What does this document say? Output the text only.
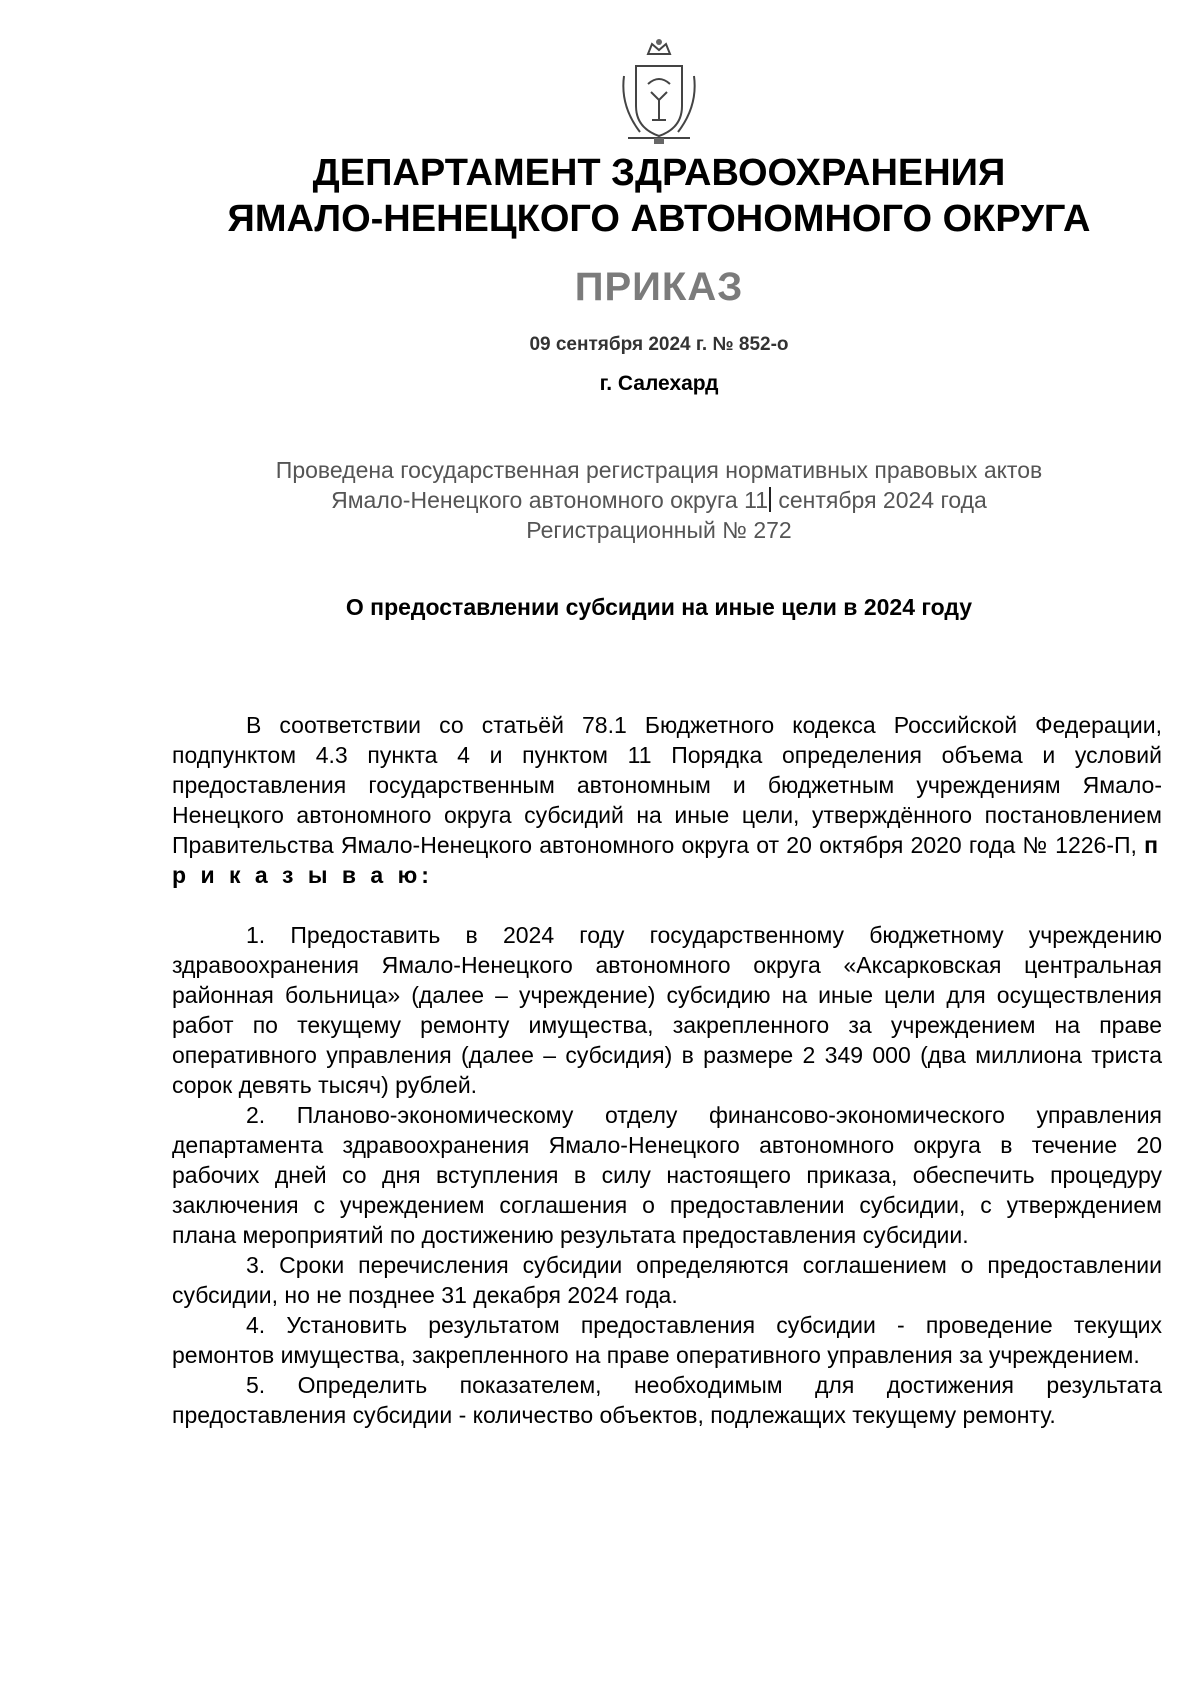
ДЕПАРТАМЕНТ ЗДРАВООХРАНЕНИЯ
ЯМАЛО-НЕНЕЦКОГО АВТОНОМНОГО ОКРУГА
ПРИКАЗ
09 сентября 2024 г. № 852-о
г. Салехард
Проведена государственная регистрация нормативных правовых актов
Ямало-Ненецкого автономного округа 11 сентября 2024 года
Регистрационный № 272
О предоставлении субсидии на иные цели в 2024 году

В соответствии со статьёй 78.1 Бюджетного кодекса Российской Федерации, подпунктом 4.3 пункта 4 и пунктом 11 Порядка определения объема и условий предоставления государственным автономным и бюджетным учреждениям Ямало-Ненецкого автономного округа субсидий на иные цели, утверждённого постановлением Правительства Ямало-Ненецкого автономного округа от 20 октября 2020 года № 1226-П, п р и к а з ы в а ю:

1. Предоставить в 2024 году государственному бюджетному учреждению здравоохранения Ямало-Ненецкого автономного округа «Аксарковская центральная районная больница» (далее – учреждение) субсидию на иные цели для осуществления работ по текущему ремонту имущества, закрепленного за учреждением на праве оперативного управления (далее – субсидия) в размере 2 349 000 (два миллиона триста сорок девять тысяч) рублей.

2. Планово-экономическому отделу финансово-экономического управления департамента здравоохранения Ямало-Ненецкого автономного округа в течение 20 рабочих дней со дня вступления в силу настоящего приказа, обеспечить процедуру заключения с учреждением соглашения о предоставлении субсидии, с утверждением плана мероприятий по достижению результата предоставления субсидии.

3. Сроки перечисления субсидии определяются соглашением о предоставлении субсидии, но не позднее 31 декабря 2024 года.

4. Установить результатом предоставления субсидии - проведение текущих ремонтов имущества, закрепленного на праве оперативного управления за учреждением.

5. Определить показателем, необходимым для достижения результата предоставления субсидии - количество объектов, подлежащих текущему ремонту.
